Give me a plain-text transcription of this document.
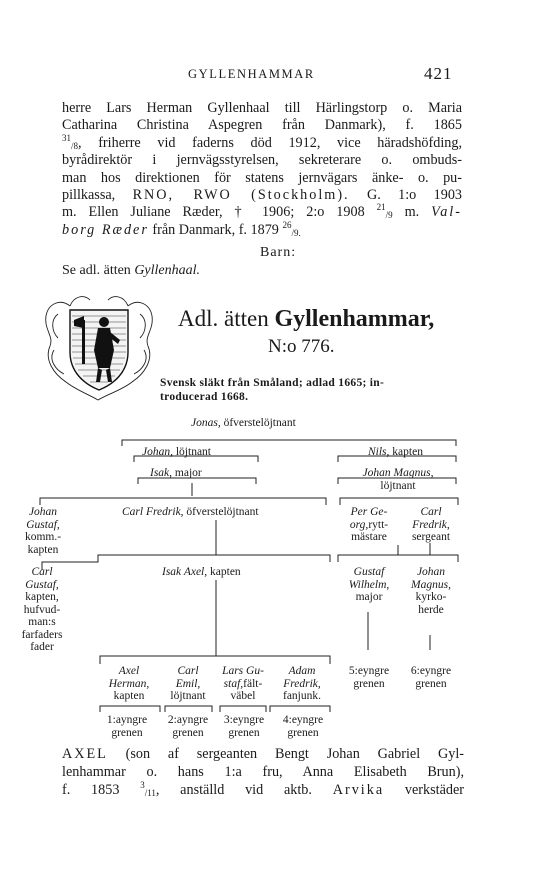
GYLLENHAMMAR	421
herre Lars Herman Gyllenhaal till Härlingstorp o. Maria
Catharina Christina Aspegren från Danmark), f. 1865
$^{31}_{/8}$, friherre vid faderns död 1912, vice häradshöfding,
byrådirektör i jernvägsstyrelsen, sekreterare o. ombuds-
man hos direktionen för statens jernvägars änke- o. pu-
pillkassa, RNO, RWO (Stockholm). G. 1:o 1903
m. Ellen Juliane Ræder, † 1906; 2:o 1908 $^{21}_{/9}$ m. Val-
borg Ræder från Danmark, f. 1879 $^{26}_{/9.}$
Barn:
Se adl. ätten Gyllenhaal.
Adl. ätten Gyllenhammar,
N:o 776.
Svensk släkt från Småland; adlad 1665; in-
troducerad 1668.
Jonas, öfverstelöjtnant
Johan, löjtnant	Nils, kapten
Isak, major	Johan Magnus,
löjtnant
Johan
Gustaf,
komm.-
kapten
Carl Fredrik, öfverstelöjtnant	Per Ge-
org,rytt-
mästare
Carl
Fredrik,
sergeant
Carl
Gustaf,
kapten,
hufvud-
man:s
farfaders
fader
Isak Axel, kapten	Gustaf
Wilhelm,
major
Johan
Magnus,
kyrko-
herde
Axel
Herman,
kapten
Carl
Emil,
löjtnant
Lars Gu-
staf,fält-
väbel
Adam
Fredrik,
fanjunk.
5:eyngre
grenen
6:eyngre
grenen
1:ayngre
grenen
2:ayngre
grenen
3:eyngre
grenen
4:eyngre
grenen
AXEL (son af sergeanten Bengt Johan Gabriel Gyl-
lenhammar o. hans 1:a fru, Anna Elisabeth Brun),
f. 1853 $^3_{/11}$, anställd vid aktb. Arvika verkstäder
